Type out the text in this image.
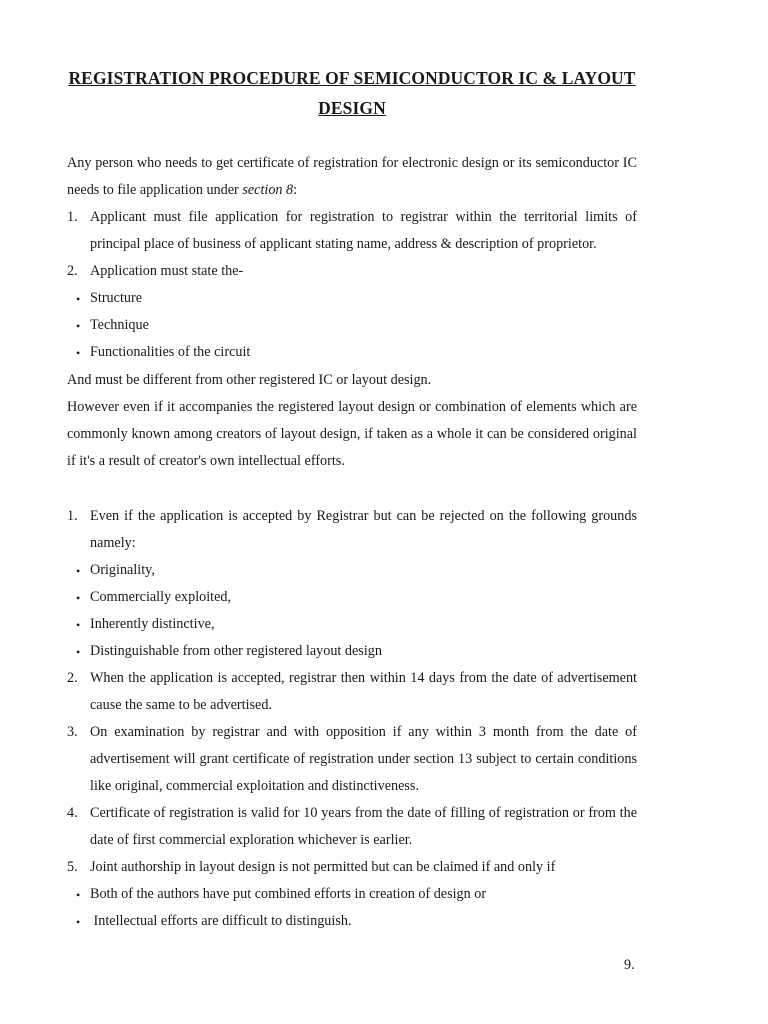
REGISTRATION PROCEDURE OF SEMICONDUCTOR IC & LAYOUT
DESIGN
Any person who needs to get certificate of registration for electronic design or its semiconductor IC
needs to file application under section 8:
1. Applicant must file application for registration to registrar within the territorial limits of
principal place of business of applicant stating name, address & description of proprietor.
2. Application must state the-
• Structure
• Technique
• Functionalities of the circuit
And must be different from other registered IC or layout design.
However even if it accompanies the registered layout design or combination of elements which are
commonly known among creators of layout design, if taken as a whole it can be considered original
if it's a result of creator's own intellectual efforts.
1. Even if the application is accepted by Registrar but can be rejected on the following grounds
namely:
• Originality,
• Commercially exploited,
• Inherently distinctive,
• Distinguishable from other registered layout design
2. When the application is accepted, registrar then within 14 days from the date of advertisement
cause the same to be advertised.
3. On examination by registrar and with opposition if any within 3 month from the date of
advertisement will grant certificate of registration under section 13 subject to certain conditions
like original, commercial exploitation and distinctiveness.
4. Certificate of registration is valid for 10 years from the date of filling of registration or from the
date of first commercial exploration whichever is earlier.
5. Joint authorship in layout design is not permitted but can be claimed if and only if
• Both of the authors have put combined efforts in creation of design or
• Intellectual efforts are difficult to distinguish.
9.
